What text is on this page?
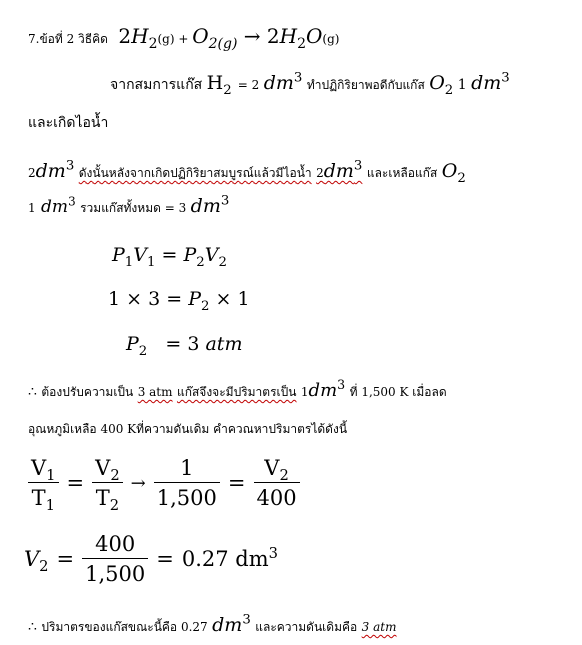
7.ข้อที่ 2 วิธีคิด $2H_2(g) + O_{2(g)} \to 2H_2O(g)$
จากสมการแก๊ส $H_2 = 2$ $dm^3$ ทำปฏิกิริยาพอดีกับแก๊ส $O_2$ 1 $dm^3$
และเกิดไอน้ำ
$2dm^3$ ดังนั้นหลังจากเกิดปฏิกิริยาสมบูรณ์แล้วมีไอน้ำ $2dm^3$ และเหลือแก๊ส $O_2$
1 $dm^3$ รวมแก๊สทั้งหมด = 3 $dm^3$
$P_1V_1 = P_2V_2$
$1 \times 3 = P_2 \times 1$
$P_2 = 3$ atm
∴ ต้องปรับความเป็น 3 atm แก๊สจึงจะมีปริมาตรเป็น $1dm^3$ ที่ 1,500 K เมื่อลด
อุณหภูมิเหลือ 400 Kที่ความดันเดิม คำควณหาปริมาตรได้ดังนี้
$\frac{V_1}{T_1} = \frac{V_2}{T_2} \to \frac{1}{1,500} = \frac{V_2}{400}$
$V_2 = \frac{400}{1,500} = 0.27$ $dm^3$
∴ ปริมาตรของแก๊สขณะนี้คือ 0.27 $dm^3$ และความดันเดิมคือ 3 atm
